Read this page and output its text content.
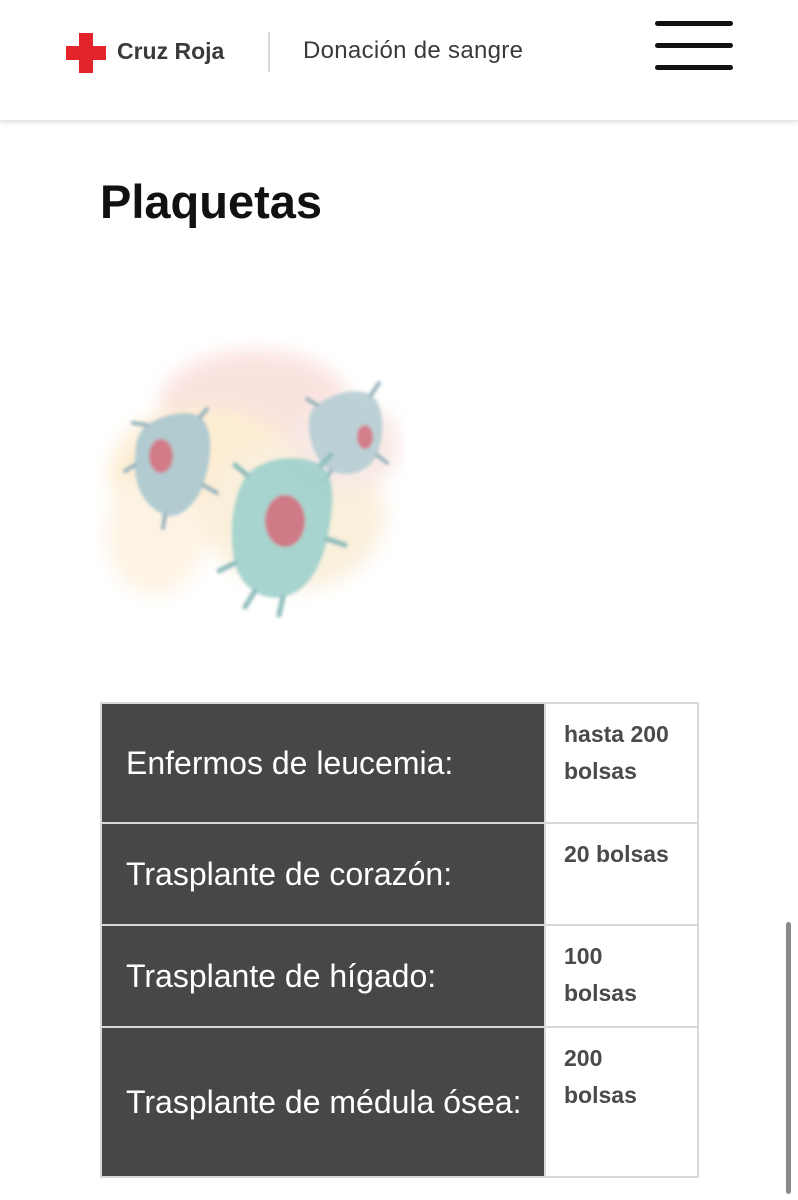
Cruz Roja	Donación de sangre
Plaquetas
Enfermos de leucemia:	hasta 200 bolsas
Trasplante de corazón:	20 bolsas
Trasplante de hígado:	100 bolsas
Trasplante de médula ósea:	200 bolsas
